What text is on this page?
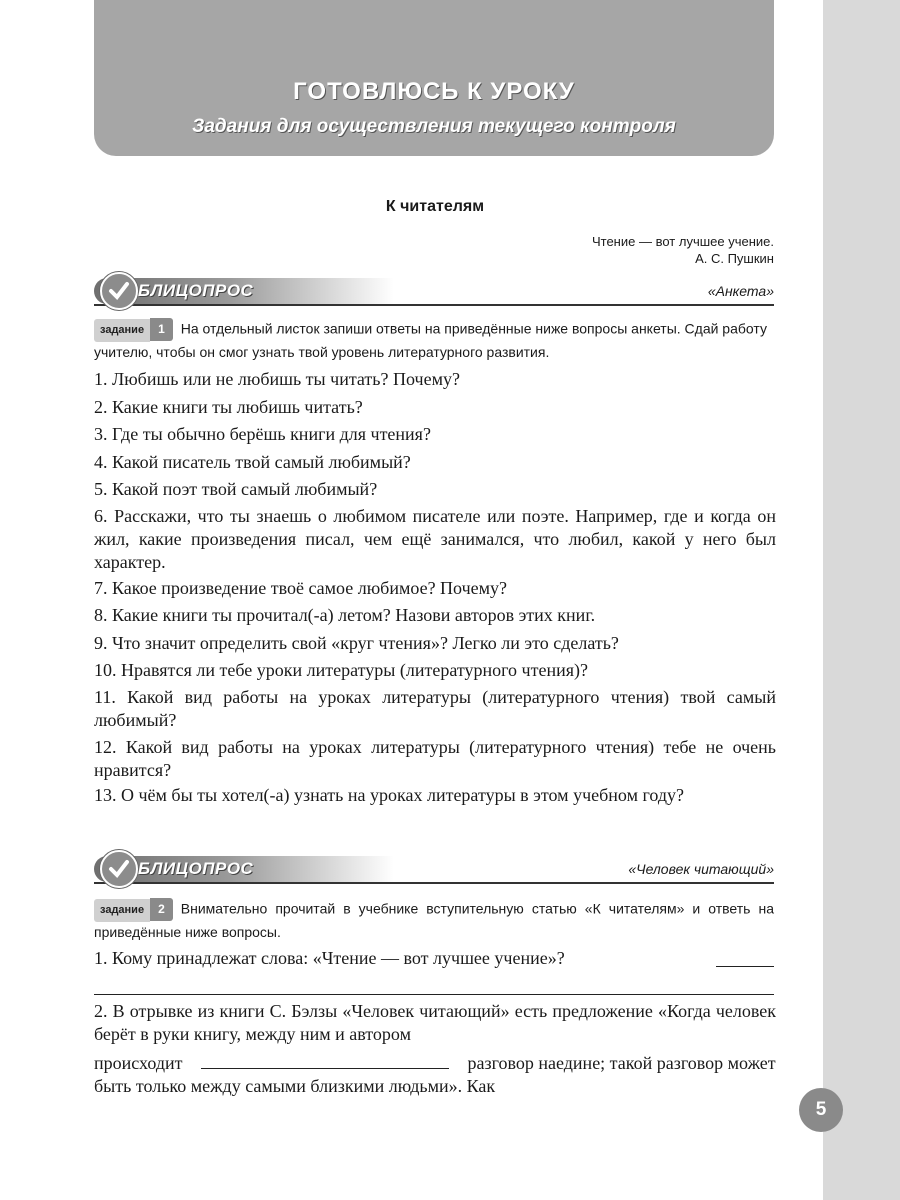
ГОТОВЛЮСЬ К УРОКУ
Задания для осуществления текущего контроля
К читателям
Чтение — вот лучшее учение.
А. С. Пушкин
БЛИЦОПРОС	«Анкета»
задание 1 На отдельный листок запиши ответы на приведённые ниже вопросы анкеты. Сдай работу учителю, чтобы он смог узнать твой уровень литературного развития.
1. Любишь или не любишь ты читать? Почему?
2. Какие книги ты любишь читать?
3. Где ты обычно берёшь книги для чтения?
4. Какой писатель твой самый любимый?
5. Какой поэт твой самый любимый?
6. Расскажи, что ты знаешь о любимом писателе или поэте. Например, где и когда он жил, какие произведения писал, чем ещё занимался, что любил, какой у него был характер.
7. Какое произведение твоё самое любимое? Почему?
8. Какие книги ты прочитал(-а) летом? Назови авторов этих книг.
9. Что значит определить свой «круг чтения»? Легко ли это сделать?
10. Нравятся ли тебе уроки литературы (литературного чтения)?
11. Какой вид работы на уроках литературы (литературного чтения) твой самый любимый?
12. Какой вид работы на уроках литературы (литературного чтения) тебе не очень нравится?
13. О чём бы ты хотел(-а) узнать на уроках литературы в этом учебном году?
БЛИЦОПРОС	«Человек читающий»
задание 2 Внимательно прочитай в учебнике вступительную статью «К читателям» и ответь на приведённые ниже вопросы.
1. Кому принадлежат слова: «Чтение — вот лучшее учение»?
2. В отрывке из книги С. Бэлзы «Человек читающий» есть предложение «Когда человек берёт в руки книгу, между ним и автором
происходит	разговор наедине; такой разговор может быть только между самыми близкими людьми». Как
5
